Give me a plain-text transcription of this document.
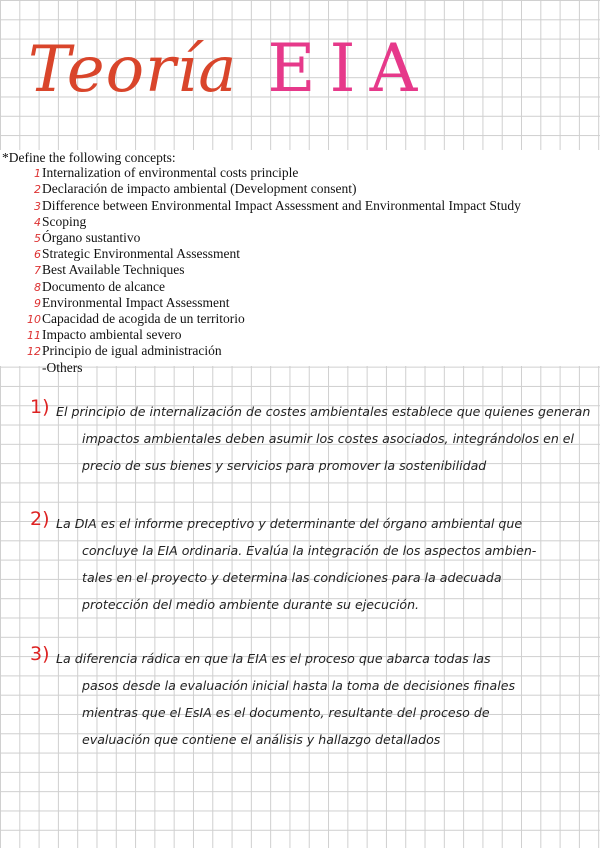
Teoría EIA
*Define the following concepts:
1Internalization of environmental costs principle
2Declaración de impacto ambiental (Development consent)
3Difference between Environmental Impact Assessment and Environmental Impact Study
4Scoping
5Órgano sustantivo
6Strategic Environmental Assessment
7Best Available Techniques
8Documento de alcance
9Environmental Impact Assessment
10Capacidad de acogida de un territorio
11Impacto ambiental severo
12Principio de igual administración
-Others
1) El principio de internalización de costes ambientales establece que quienes generan
impactos ambientales deben asumir los costes asociados, integrándolos en el
precio de sus bienes y servicios para promover la sostenibilidad
2) La DIA es el informe preceptivo y determinante del órgano ambiental que
concluye la EIA ordinaria. Evalúa la integración de los aspectos ambien-
tales en el proyecto y determina las condiciones para la adecuada
protección del medio ambiente durante su ejecución.
3) La diferencia rádica en que la EIA es el proceso que abarca todas las
pasos desde la evaluación inicial hasta la toma de decisiones finales
mientras que el EsIA es el documento, resultante del proceso de
evaluación que contiene el análisis y hallazgo detallados
